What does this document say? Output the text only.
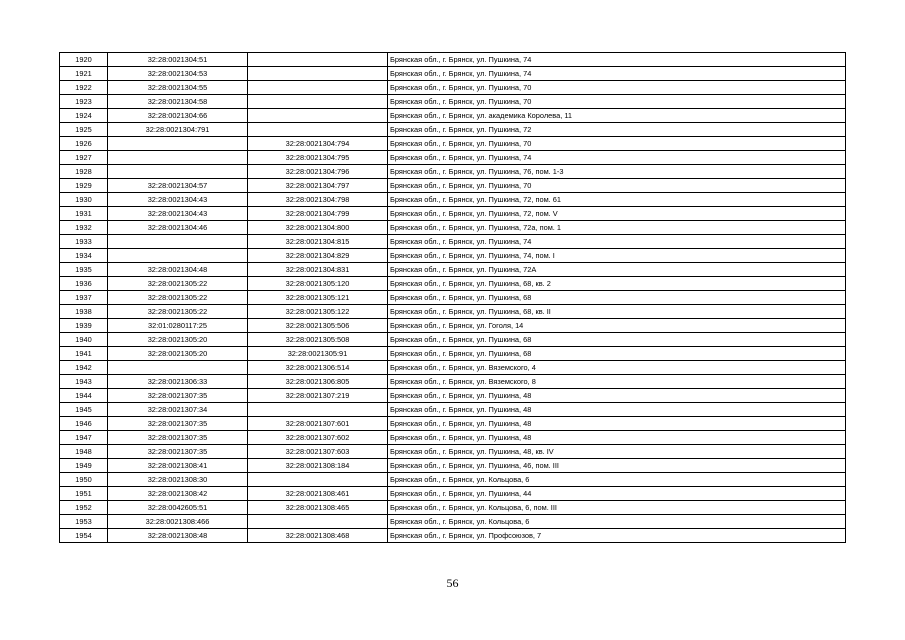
1920	32:28:0021304:51		Брянская обл., г. Брянск, ул. Пушкина, 74
1921	32:28:0021304:53		Брянская обл., г. Брянск, ул. Пушкина, 74
1922	32:28:0021304:55		Брянская обл., г. Брянск, ул. Пушкина, 70
1923	32:28:0021304:58		Брянская обл., г. Брянск, ул. Пушкина, 70
1924	32:28:0021304:66		Брянская обл., г. Брянск, ул. академика Королева, 11
1925	32:28:0021304:791		Брянская обл., г. Брянск, ул. Пушкина, 72
1926		32:28:0021304:794	Брянская обл., г. Брянск, ул. Пушкина, 70
1927		32:28:0021304:795	Брянская обл., г. Брянск, ул. Пушкина, 74
1928		32:28:0021304:796	Брянская обл., г. Брянск, ул. Пушкина, 76, пом. 1-3
1929	32:28:0021304:57	32:28:0021304:797	Брянская обл., г. Брянск, ул. Пушкина, 70
1930	32:28:0021304:43	32:28:0021304:798	Брянская обл., г. Брянск, ул. Пушкина, 72, пом. 61
1931	32:28:0021304:43	32:28:0021304:799	Брянская обл., г. Брянск, ул. Пушкина, 72, пом. V
1932	32:28:0021304:46	32:28:0021304:800	Брянская обл., г. Брянск, ул. Пушкина, 72а, пом. 1
1933		32:28:0021304:815	Брянская обл., г. Брянск, ул. Пушкина, 74
1934		32:28:0021304:829	Брянская обл., г. Брянск, ул. Пушкина, 74, пом. I
1935	32:28:0021304:48	32:28:0021304:831	Брянская обл., г. Брянск, ул. Пушкина, 72А
1936	32:28:0021305:22	32:28:0021305:120	Брянская обл., г. Брянск, ул. Пушкина, 68, кв. 2
1937	32:28:0021305:22	32:28:0021305:121	Брянская обл., г. Брянск, ул. Пушкина, 68
1938	32:28:0021305:22	32:28:0021305:122	Брянская обл., г. Брянск, ул. Пушкина, 68, кв. II
1939	32:01:0280117:25	32:28:0021305:506	Брянская обл., г. Брянск, ул. Гоголя, 14
1940	32:28:0021305:20	32:28:0021305:508	Брянская обл., г. Брянск, ул. Пушкина, 68
1941	32:28:0021305:20	32:28:0021305:91	Брянская обл., г. Брянск, ул. Пушкина, 68
1942		32:28:0021306:514	Брянская обл., г. Брянск, ул. Вяземского, 4
1943	32:28:0021306:33	32:28:0021306:805	Брянская обл., г. Брянск, ул. Вяземского, 8
1944	32:28:0021307:35	32:28:0021307:219	Брянская обл., г. Брянск, ул. Пушкина, 48
1945	32:28:0021307:34		Брянская обл., г. Брянск, ул. Пушкина, 48
1946	32:28:0021307:35	32:28:0021307:601	Брянская обл., г. Брянск, ул. Пушкина, 48
1947	32:28:0021307:35	32:28:0021307:602	Брянская обл., г. Брянск, ул. Пушкина, 48
1948	32:28:0021307:35	32:28:0021307:603	Брянская обл., г. Брянск, ул. Пушкина, 48, кв. IV
1949	32:28:0021308:41	32:28:0021308:184	Брянская обл., г. Брянск, ул. Пушкина, 46, пом. III
1950	32:28:0021308:30		Брянская обл., г. Брянск, ул. Кольцова, 6
1951	32:28:0021308:42	32:28:0021308:461	Брянская обл., г. Брянск, ул. Пушкина, 44
1952	32:28:0042605:51	32:28:0021308:465	Брянская обл., г. Брянск, ул. Кольцова, 6, пом. III
1953	32:28:0021308:466		Брянская обл., г. Брянск, ул. Кольцова, 6
1954	32:28:0021308:48	32:28:0021308:468	Брянская обл., г. Брянск, ул. Профсоюзов, 7
56
